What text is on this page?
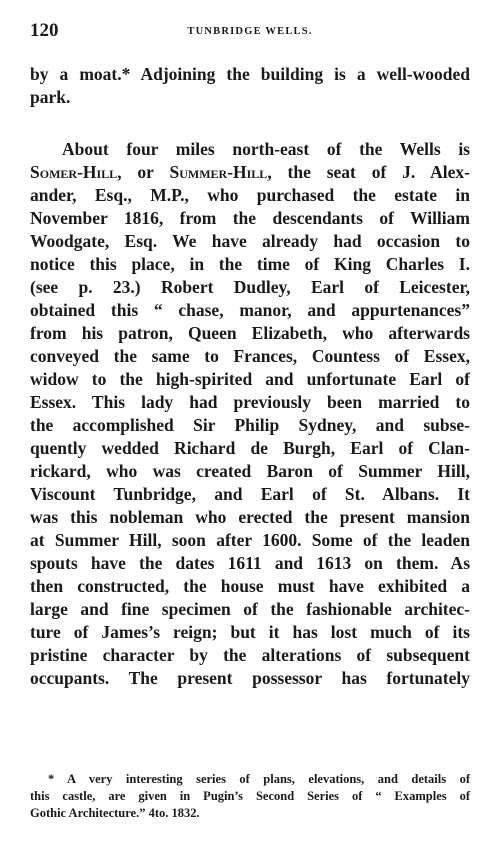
120	TUNBRIDGE WELLS.
by a moat.* Adjoining the building is a well-wooded
park.
About four miles north-east of the Wells is
Somer-Hill, or Summer-Hill, the seat of J. Alex-
ander, Esq., M.P., who purchased the estate in
November 1816, from the descendants of William
Woodgate, Esq. We have already had occasion to
notice this place, in the time of King Charles I.
(see p. 23.) Robert Dudley, Earl of Leicester,
obtained this “ chase, manor, and appurtenances”
from his patron, Queen Elizabeth, who afterwards
conveyed the same to Frances, Countess of Essex,
widow to the high-spirited and unfortunate Earl of
Essex. This lady had previously been married to
the accomplished Sir Philip Sydney, and subse-
quently wedded Richard de Burgh, Earl of Clan-
rickard, who was created Baron of Summer Hill,
Viscount Tunbridge, and Earl of St. Albans. It
was this nobleman who erected the present mansion
at Summer Hill, soon after 1600. Some of the leaden
spouts have the dates 1611 and 1613 on them. As
then constructed, the house must have exhibited a
large and fine specimen of the fashionable architec-
ture of James’s reign; but it has lost much of its
pristine character by the alterations of subsequent
occupants. The present possessor has fortunately
* A very interesting series of plans, elevations, and details of
this castle, are given in Pugin’s Second Series of “ Examples of
Gothic Architecture.” 4to. 1832.
